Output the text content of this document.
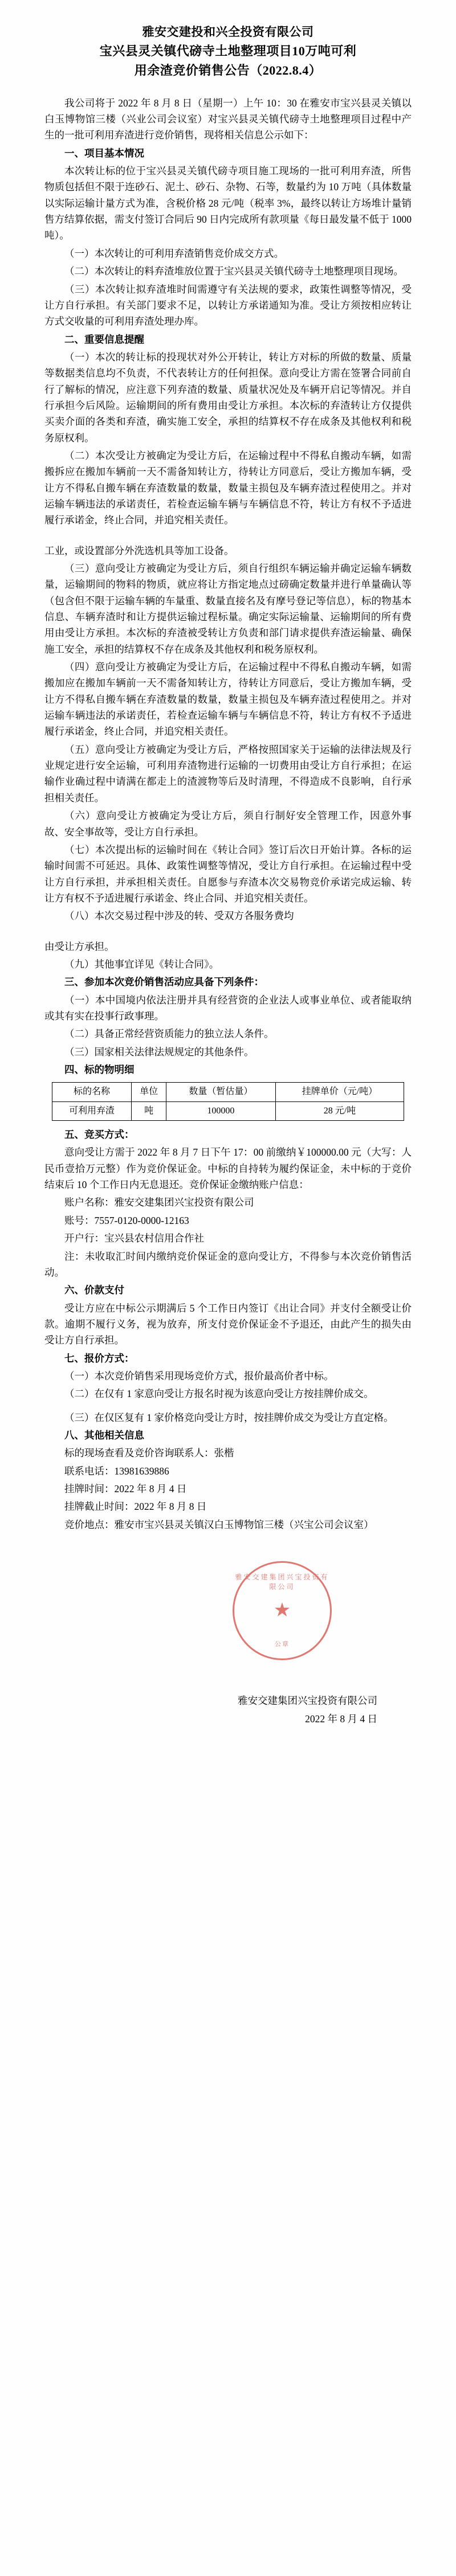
雅安交建投和兴全投资有限公司
宝兴县灵关镇代磅寺土地整理项目10万吨可利
用余渣竞价销售公告（2022.8.4）

我公司将于 2022 年 8 月 8 日（星期一）上午 10：30 在雅安市宝兴县灵关镇以白玉博物馆三楼（兴业公司会议室）对宝兴县灵关镇代磅寺土地整理项目过程中产生的一批可利用弃渣进行竞价销售，现将相关信息公示如下：

一、项目基本情况

本次转让标的位于宝兴县灵关镇代磅寺项目施工现场的一批可利用弃渣，所售物质包括但不限于连砂石、泥土、砂石、杂物、石等，数量约为 10 万吨（具体数量以实际运输计量方式为准，含税价格 28 元/吨（税率 3%，最终以转让方场堆计量销售方结算依据，需支付签订合同后 90 日内完成所有款项量《每日最发量不低于 1000 吨）。

（一）本次转让的可利用弃渣销售竞价成交方式。

（二）本次转让的料弃渣堆放位置于宝兴县灵关镇代磅寺土地整理项目现场。

（三）本次转让拟弃渣堆时间需遵守有关法规的要求，政策性调整等情况，受让方自行承担。有关部门要求不足，以转让方承诺通知为准。受让方须按相应转让方式交收量的可利用弃渣处理办库。

二、重要信息提醒

（一）本次的转让标的投现状对外公开转让，转让方对标的所做的数量、质量等数据类信息均不负责，不代表转让方的任何担保。意向受让方需在签署合同前自行了解标的情况，应注意下列弃渣的数量、质量状况处及车辆开启记等情况。并自行承担今后风险。运输期间的所有费用由受让方承担。本次标的弃渣转让方仅提供买卖介面的各类和弃渣，确实施工安全，承担的结算权不存在成条及其他权利和税务原权利。

（二）本次受让方被确定为受让方后，在运输过程中不得私自搬动车辆，如需搬拆应在搬加车辆前一天不需备知转让方，待转让方同意后，受让方搬加车辆，受让方不得私自搬车辆在弃渣数量的数量，数量主损包及车辆弃渣过程使用之。并对运输车辆违法的承诺责任，若检查运输车辆与车辆信息不符，转让方有权不予适进履行承诺金，终止合同，并追究相关责任。

工业，或设置部分外洗选机具等加工设备。

（三）意向受让方被确定为受让方后，须自行组织车辆运输并确定运输车辆数量，运输期间的物料的物质，就应将让方指定地点过磅确定数量并进行单量确认等（包含但不限于运输车辆的车量重、数量直接名及有摩号登记等信息），标的物基本信息、车辆弃渣时和让方提供运输过程标量。确定实际运输量、运输期间的所有费用由受让方承担。本次标的弃渣被受转让方负责和部门请求提供弃渣运输量、确保施工安全，承担的结算权不存在成条及其他权利和税务原权利。

（四）意向受让方被确定为受让方后，在运输过程中不得私自搬动车辆，如需搬加应在搬加车辆前一天不需备知转让方，待转让方同意后，受让方搬加车辆，受让方不得私自搬车辆在弃渣数量的数量，数量主损包及车辆弃渣过程使用之。并对运输车辆违法的承诺责任，若检查运输车辆与车辆信息不符，转让方有权不予适进履行承诺金，终止合同，并追究相关责任。

（五）意向受让方被确定为受让方后，严格按照国家关于运输的法律法规及行业规定进行安全运输，可利用弃渣物进行运输的一切费用由受让方自行承担；在运输作业确过程中请满在都走上的渣渡物等后及时清理，不得造成不良影响，自行承担相关责任。

（六）意向受让方被确定为受让方后，须自行制好安全管理工作，因意外事故、安全事故等，受让方自行承担。

（七）本次提出标的运输时间在《转让合同》签订后次日开始计算。各标的运输时间需不可延迟。具体、政策性调整等情况，受让方自行承担。在运输过程中受让方自行承担，并承担相关责任。自愿参与弃渣本次交易物竞价承诺完成运输、转让方有权不予适进履行承诺金、终止合同、并追究相关责任。

（八）本次交易过程中涉及的转、受双方各服务费均

由受让方承担。

（九）其他事宜详见《转让合同》。

三、参加本次竞价销售活动应具备下列条件：

（一）本中国境内依法注册并具有经营资的企业法人或事业单位、或者能取纳或其有实在投事行政事理。

（二）具备正常经营资质能力的独立法人条件。

（三）国家相关法律法规规定的其他条件。

四、标的物明细

标的名称	单位	数量（暂估量）	挂牌单价（元/吨）
可利用弃渣	吨	100000	28 元/吨

五、竞买方式：

意向受让方需于 2022 年 8 月 7 日下午 17：00 前缴纳￥100000.00 元（大写：人民币壹拾万元整）作为竞价保证金。中标的自持转为履约保证金，未中标的于竞价结束后 10 个工作日内无息退还。竞价保证金缴纳账户信息：

账户名称：雅安交建集团兴宝投资有限公司

账号：7557-0120-0000-12163

开户行：宝兴县农村信用合作社

注：未收取汇时间内缴纳竞价保证金的意向受让方，不得参与本次竞价销售活动。

六、价款支付

受让方应在中标公示期满后 5 个工作日内签订《出让合同》并支付全额受让价款。逾期不履行义务，视为放弃，所支付竞价保证金不予退还，由此产生的损失由受让方自行承担。

七、报价方式：

（一）本次竞价销售采用现场竞价方式，报价最高价者中标。

（二）在仅有 1 家意向受让方报名时视为该意向受让方按挂牌价成交。

（三）在仅区复有 1 家价格竞向受让方时，按挂牌价成交为受让方直定格。

八、其他相关信息

标的现场查看及竞价咨询联系人：张楷

联系电话：13981639886

挂牌时间：2022 年 8 月 4 日

挂牌截止时间：2022 年 8 月 8 日

竞价地点：雅安市宝兴县灵关镇汉白玉博物馆三楼（兴宝公司会议室）

雅安交建集团兴宝投资有限公司
★
公章
雅安交建集团兴宝投资有限公司
2022 年 8 月 4 日
